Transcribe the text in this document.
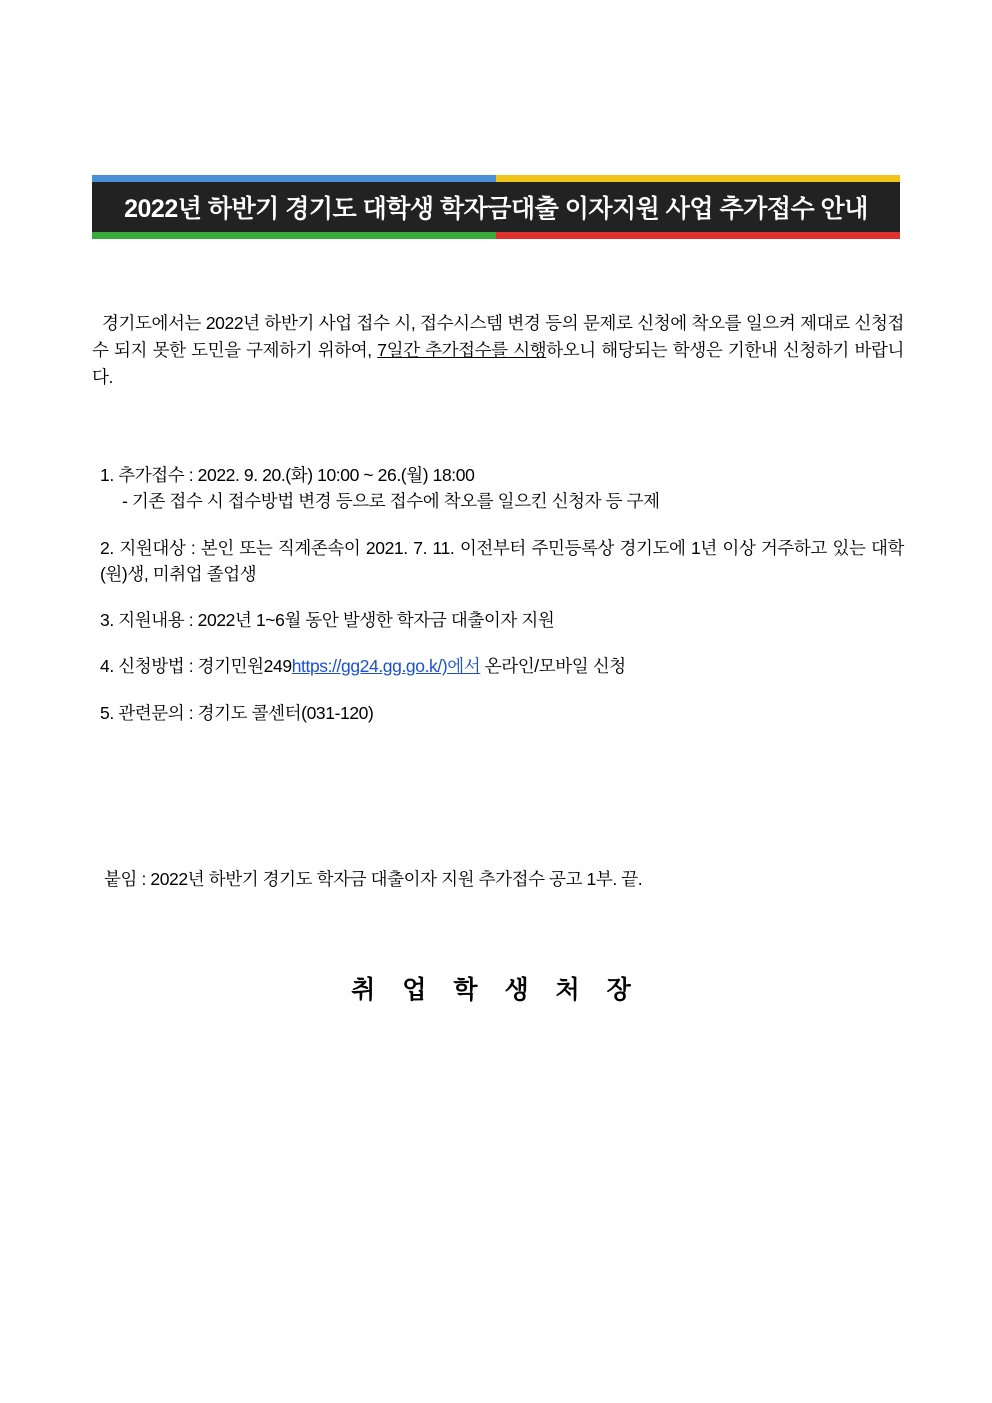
2022년 하반기 경기도 대학생 학자금대출 이자지원 사업 추가접수 안내
경기도에서는 2022년 하반기 사업 접수 시, 접수시스템 변경 등의 문제로 신청에 착오를 일으켜 제대로 신청접수 되지 못한 도민을 구제하기 위하여, 7일간 추가접수를 시행하오니 해당되는 학생은 기한내 신청하기 바랍니다.
1. 추가접수 : 2022. 9. 20.(화) 10:00 ~ 26.(월) 18:00
- 기존 접수 시 접수방법 변경 등으로 접수에 착오를 일으킨 신청자 등 구제
2. 지원대상 : 본인 또는 직계존속이 2021. 7. 11. 이전부터 주민등록상 경기도에 1년 이상 거주하고 있는 대학(원)생, 미취업 졸업생
3. 지원내용 : 2022년 1~6월 동안 발생한 학자금 대출이자 지원
4. 신청방법 : 경기민원249https://gg24.gg.go.k/)에서 온라인/모바일 신청
5. 관련문의 : 경기도 콜센터(031-120)
붙임 : 2022년 하반기 경기도 학자금 대출이자 지원 추가접수 공고 1부. 끝.
취 업 학 생 처 장
